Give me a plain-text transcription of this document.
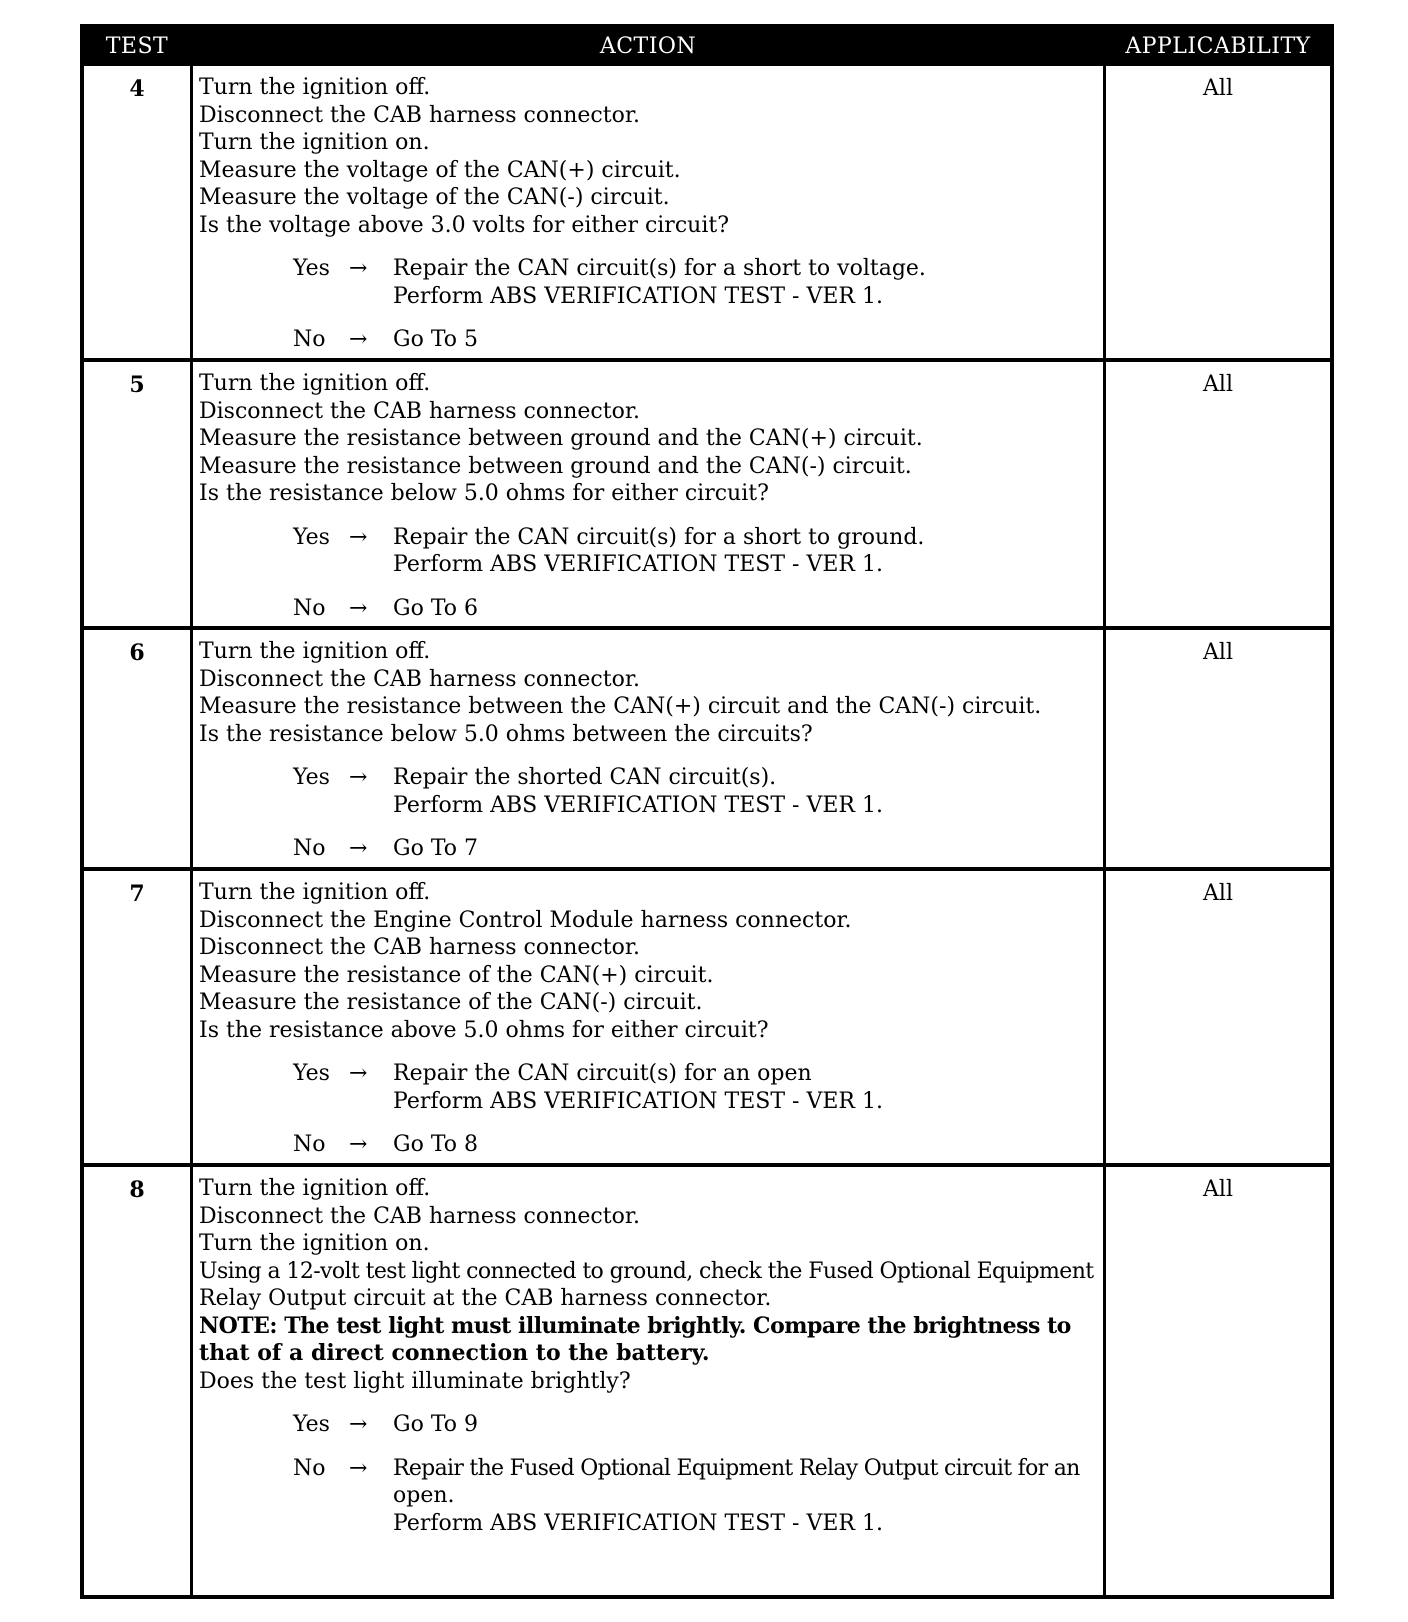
TEST	ACTION	APPLICABILITY
4	Turn the ignition off.
Disconnect the CAB harness connector.
Turn the ignition on.
Measure the voltage of the CAN(+) circuit.
Measure the voltage of the CAN(-) circuit.
Is the voltage above 3.0 volts for either circuit?
Yes → Repair the CAN circuit(s) for a short to voltage.
Perform ABS VERIFICATION TEST - VER 1.
No → Go To 5
All
5	Turn the ignition off.
Disconnect the CAB harness connector.
Measure the resistance between ground and the CAN(+) circuit.
Measure the resistance between ground and the CAN(-) circuit.
Is the resistance below 5.0 ohms for either circuit?
Yes → Repair the CAN circuit(s) for a short to ground.
Perform ABS VERIFICATION TEST - VER 1.
No → Go To 6
All
6	Turn the ignition off.
Disconnect the CAB harness connector.
Measure the resistance between the CAN(+) circuit and the CAN(-) circuit.
Is the resistance below 5.0 ohms between the circuits?
Yes → Repair the shorted CAN circuit(s).
Perform ABS VERIFICATION TEST - VER 1.
No → Go To 7
All
7	Turn the ignition off.
Disconnect the Engine Control Module harness connector.
Disconnect the CAB harness connector.
Measure the resistance of the CAN(+) circuit.
Measure the resistance of the CAN(-) circuit.
Is the resistance above 5.0 ohms for either circuit?
Yes → Repair the CAN circuit(s) for an open
Perform ABS VERIFICATION TEST - VER 1.
No → Go To 8
All
8	Turn the ignition off.
Disconnect the CAB harness connector.
Turn the ignition on.
Using a 12-volt test light connected to ground, check the Fused Optional Equipment
Relay Output circuit at the CAB harness connector.
NOTE: The test light must illuminate brightly. Compare the brightness to
that of a direct connection to the battery.
Does the test light illuminate brightly?
Yes → Go To 9
No → Repair the Fused Optional Equipment Relay Output circuit for an
open.
Perform ABS VERIFICATION TEST - VER 1.
All
